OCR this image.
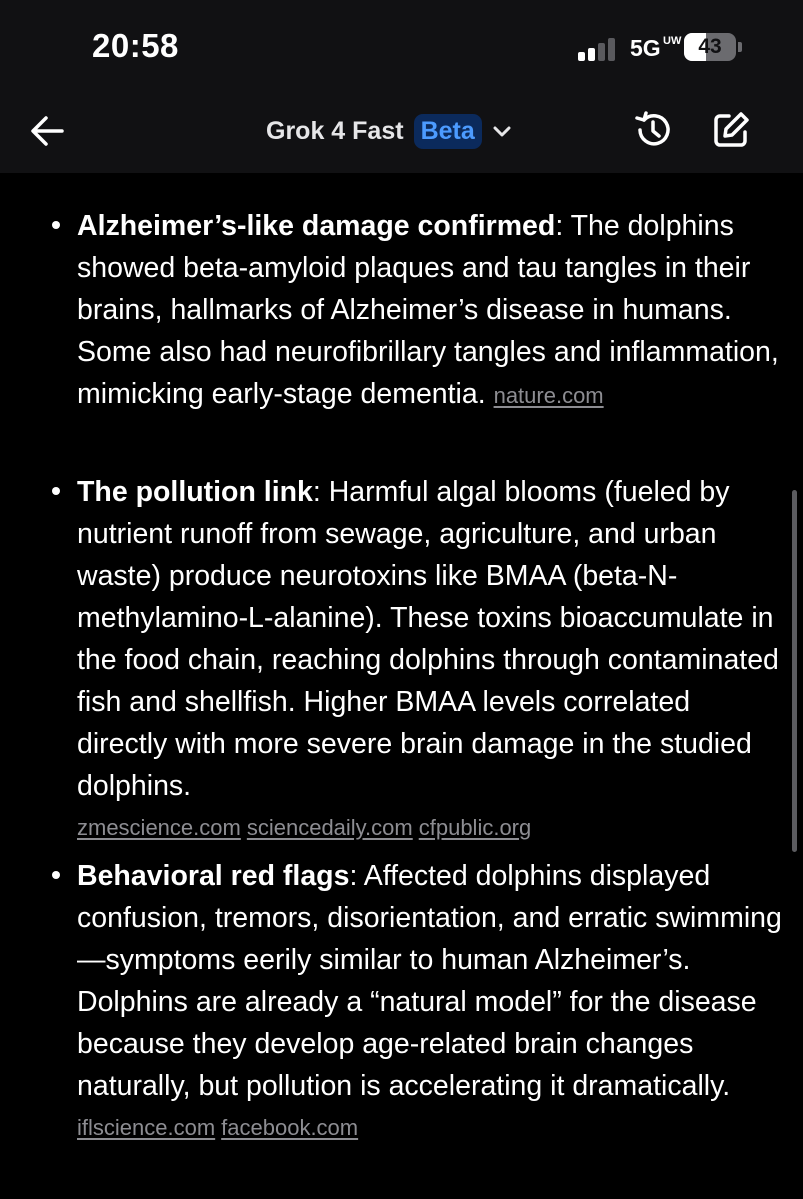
20:58	5G UW 43
Grok 4 Fast Beta
Alzheimer’s-like damage confirmed: The dolphins showed beta-amyloid plaques and tau tangles in their brains, hallmarks of Alzheimer’s disease in humans. Some also had neurofibrillary tangles and inflammation, mimicking early-stage dementia. nature.com
The pollution link: Harmful algal blooms (fueled by nutrient runoff from sewage, agriculture, and urban waste) produce neurotoxins like BMAA (beta-N-methylamino-L-alanine). These toxins bioaccumulate in the food chain, reaching dolphins through contaminated fish and shellfish. Higher BMAA levels correlated directly with more severe brain damage in the studied dolphins.
zmescience.com sciencedaily.com cfpublic.org
Behavioral red flags: Affected dolphins displayed confusion, tremors, disorientation, and erratic swimming—symptoms eerily similar to human Alzheimer’s. Dolphins are already a “natural model” for the disease because they develop age-related brain changes naturally, but pollution is accelerating it dramatically.
iflscience.com facebook.com
